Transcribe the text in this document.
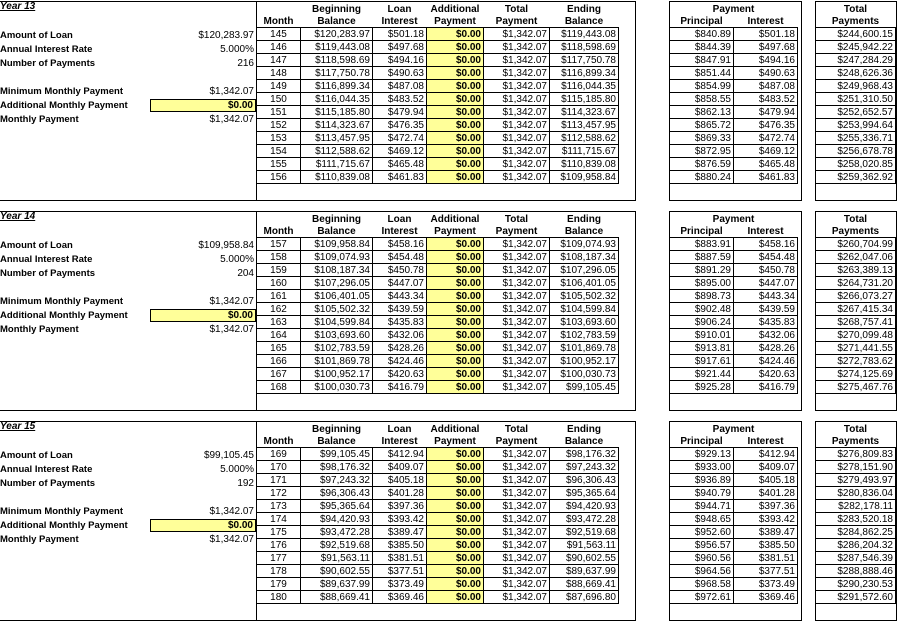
Year 13
Amount of Loan	$120,283.97
Annual Interest Rate	5.000%
Number of Payments	216
Minimum Monthly Payment	$1,342.07
Additional Monthly Payment	$0.00
Monthly Payment	$1,342.07
	Beginning	Loan	Additional	Total	Ending
Month	Balance	Interest	Payment	Payment	Balance
145	$120,283.97	$501.18	$0.00	$1,342.07	$119,443.08
146	$119,443.08	$497.68	$0.00	$1,342.07	$118,598.69
147	$118,598.69	$494.16	$0.00	$1,342.07	$117,750.78
148	$117,750.78	$490.63	$0.00	$1,342.07	$116,899.34
149	$116,899.34	$487.08	$0.00	$1,342.07	$116,044.35
150	$116,044.35	$483.52	$0.00	$1,342.07	$115,185.80
151	$115,185.80	$479.94	$0.00	$1,342.07	$114,323.67
152	$114,323.67	$476.35	$0.00	$1,342.07	$113,457.95
153	$113,457.95	$472.74	$0.00	$1,342.07	$112,588.62
154	$112,588.62	$469.12	$0.00	$1,342.07	$111,715.67
155	$111,715.67	$465.48	$0.00	$1,342.07	$110,839.08
156	$110,839.08	$461.83	$0.00	$1,342.07	$109,958.84
Payment	
Principal	Interest
$840.89	$501.18
$844.39	$497.68
$847.91	$494.16
$851.44	$490.63
$854.99	$487.08
$858.55	$483.52
$862.13	$479.94
$865.72	$476.35
$869.33	$472.74
$872.95	$469.12
$876.59	$465.48
$880.24	$461.83
Total
Payments
$244,600.15
$245,942.22
$247,284.29
$248,626.36
$249,968.43
$251,310.50
$252,652.57
$253,994.64
$255,336.71
$256,678.78
$258,020.85
$259,362.92
Year 14
Amount of Loan	$109,958.84
Annual Interest Rate	5.000%
Number of Payments	204
Minimum Monthly Payment	$1,342.07
Additional Monthly Payment	$0.00
Monthly Payment	$1,342.07
	Beginning	Loan	Additional	Total	Ending
Month	Balance	Interest	Payment	Payment	Balance
157	$109,958.84	$458.16	$0.00	$1,342.07	$109,074.93
158	$109,074.93	$454.48	$0.00	$1,342.07	$108,187.34
159	$108,187.34	$450.78	$0.00	$1,342.07	$107,296.05
160	$107,296.05	$447.07	$0.00	$1,342.07	$106,401.05
161	$106,401.05	$443.34	$0.00	$1,342.07	$105,502.32
162	$105,502.32	$439.59	$0.00	$1,342.07	$104,599.84
163	$104,599.84	$435.83	$0.00	$1,342.07	$103,693.60
164	$103,693.60	$432.06	$0.00	$1,342.07	$102,783.59
165	$102,783.59	$428.26	$0.00	$1,342.07	$101,869.78
166	$101,869.78	$424.46	$0.00	$1,342.07	$100,952.17
167	$100,952.17	$420.63	$0.00	$1,342.07	$100,030.73
168	$100,030.73	$416.79	$0.00	$1,342.07	$99,105.45
Payment	
Principal	Interest
$883.91	$458.16
$887.59	$454.48
$891.29	$450.78
$895.00	$447.07
$898.73	$443.34
$902.48	$439.59
$906.24	$435.83
$910.01	$432.06
$913.81	$428.26
$917.61	$424.46
$921.44	$420.63
$925.28	$416.79
Total
Payments
$260,704.99
$262,047.06
$263,389.13
$264,731.20
$266,073.27
$267,415.34
$268,757.41
$270,099.48
$271,441.55
$272,783.62
$274,125.69
$275,467.76
Year 15
Amount of Loan	$99,105.45
Annual Interest Rate	5.000%
Number of Payments	192
Minimum Monthly Payment	$1,342.07
Additional Monthly Payment	$0.00
Monthly Payment	$1,342.07
	Beginning	Loan	Additional	Total	Ending
Month	Balance	Interest	Payment	Payment	Balance
169	$99,105.45	$412.94	$0.00	$1,342.07	$98,176.32
170	$98,176.32	$409.07	$0.00	$1,342.07	$97,243.32
171	$97,243.32	$405.18	$0.00	$1,342.07	$96,306.43
172	$96,306.43	$401.28	$0.00	$1,342.07	$95,365.64
173	$95,365.64	$397.36	$0.00	$1,342.07	$94,420.93
174	$94,420.93	$393.42	$0.00	$1,342.07	$93,472.28
175	$93,472.28	$389.47	$0.00	$1,342.07	$92,519.68
176	$92,519.68	$385.50	$0.00	$1,342.07	$91,563.11
177	$91,563.11	$381.51	$0.00	$1,342.07	$90,602.55
178	$90,602.55	$377.51	$0.00	$1,342.07	$89,637.99
179	$89,637.99	$373.49	$0.00	$1,342.07	$88,669.41
180	$88,669.41	$369.46	$0.00	$1,342.07	$87,696.80
Payment	
Principal	Interest
$929.13	$412.94
$933.00	$409.07
$936.89	$405.18
$940.79	$401.28
$944.71	$397.36
$948.65	$393.42
$952.60	$389.47
$956.57	$385.50
$960.56	$381.51
$964.56	$377.51
$968.58	$373.49
$972.61	$369.46
Total
Payments
$276,809.83
$278,151.90
$279,493.97
$280,836.04
$282,178.11
$283,520.18
$284,862.25
$286,204.32
$287,546.39
$288,888.46
$290,230.53
$291,572.60
